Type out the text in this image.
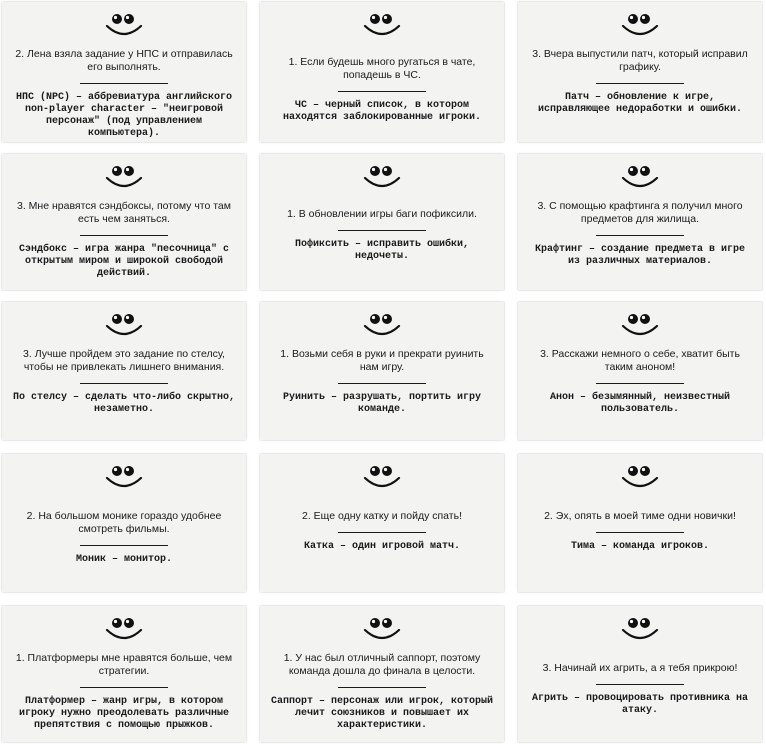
2. Лена взяла задание у НПС и отправилась его выполнять.
НПС (NPC) – аббревиатура английского non-player character – "неигровой персонаж" (под управлением компьютера).
1. Если будешь много ругаться в чате, попадешь в ЧС.
ЧС – черный список, в котором находятся заблокированные игроки.
3. Вчера выпустили патч, который исправил графику.
Патч – обновление к игре, исправляющее недоработки и ошибки.
3. Мне нравятся сэндбоксы, потому что там есть чем заняться.
Сэндбокс – игра жанра "песочница" с открытым миром и широкой свободой действий.
1. В обновлении игры баги пофиксили.
Пофиксить – исправить ошибки, недочеты.
3. С помощью крафтинга я получил много предметов для жилища.
Крафтинг – создание предмета в игре из различных материалов.
3. Лучше пройдем это задание по стелсу, чтобы не привлекать лишнего внимания.
По стелсу – сделать что-либо скрытно, незаметно.
1. Возьми себя в руки и прекрати руинить нам игру.
Руинить – разрушать, портить игру команде.
3. Расскажи немного о себе, хватит быть таким аноном!
Анон – безымянный, неизвестный пользователь.
2. На большом монике гораздо удобнее смотреть фильмы.
Моник – монитор.
2. Еще одну катку и пойду спать!
Катка – один игровой матч.
2. Эх, опять в моей тиме одни новички!
Тима – команда игроков.
1. Платформеры мне нравятся больше, чем стратегии.
Платформер – жанр игры, в котором игроку нужно преодолевать различные препятствия с помощью прыжков.
1. У нас был отличный саппорт, поэтому команда дошла до финала в целости.
Саппорт – персонаж или игрок, который лечит союзников и повышает их характеристики.
3. Начинай их агрить, а я тебя прикрою!
Агрить – провоцировать противника на атаку.
